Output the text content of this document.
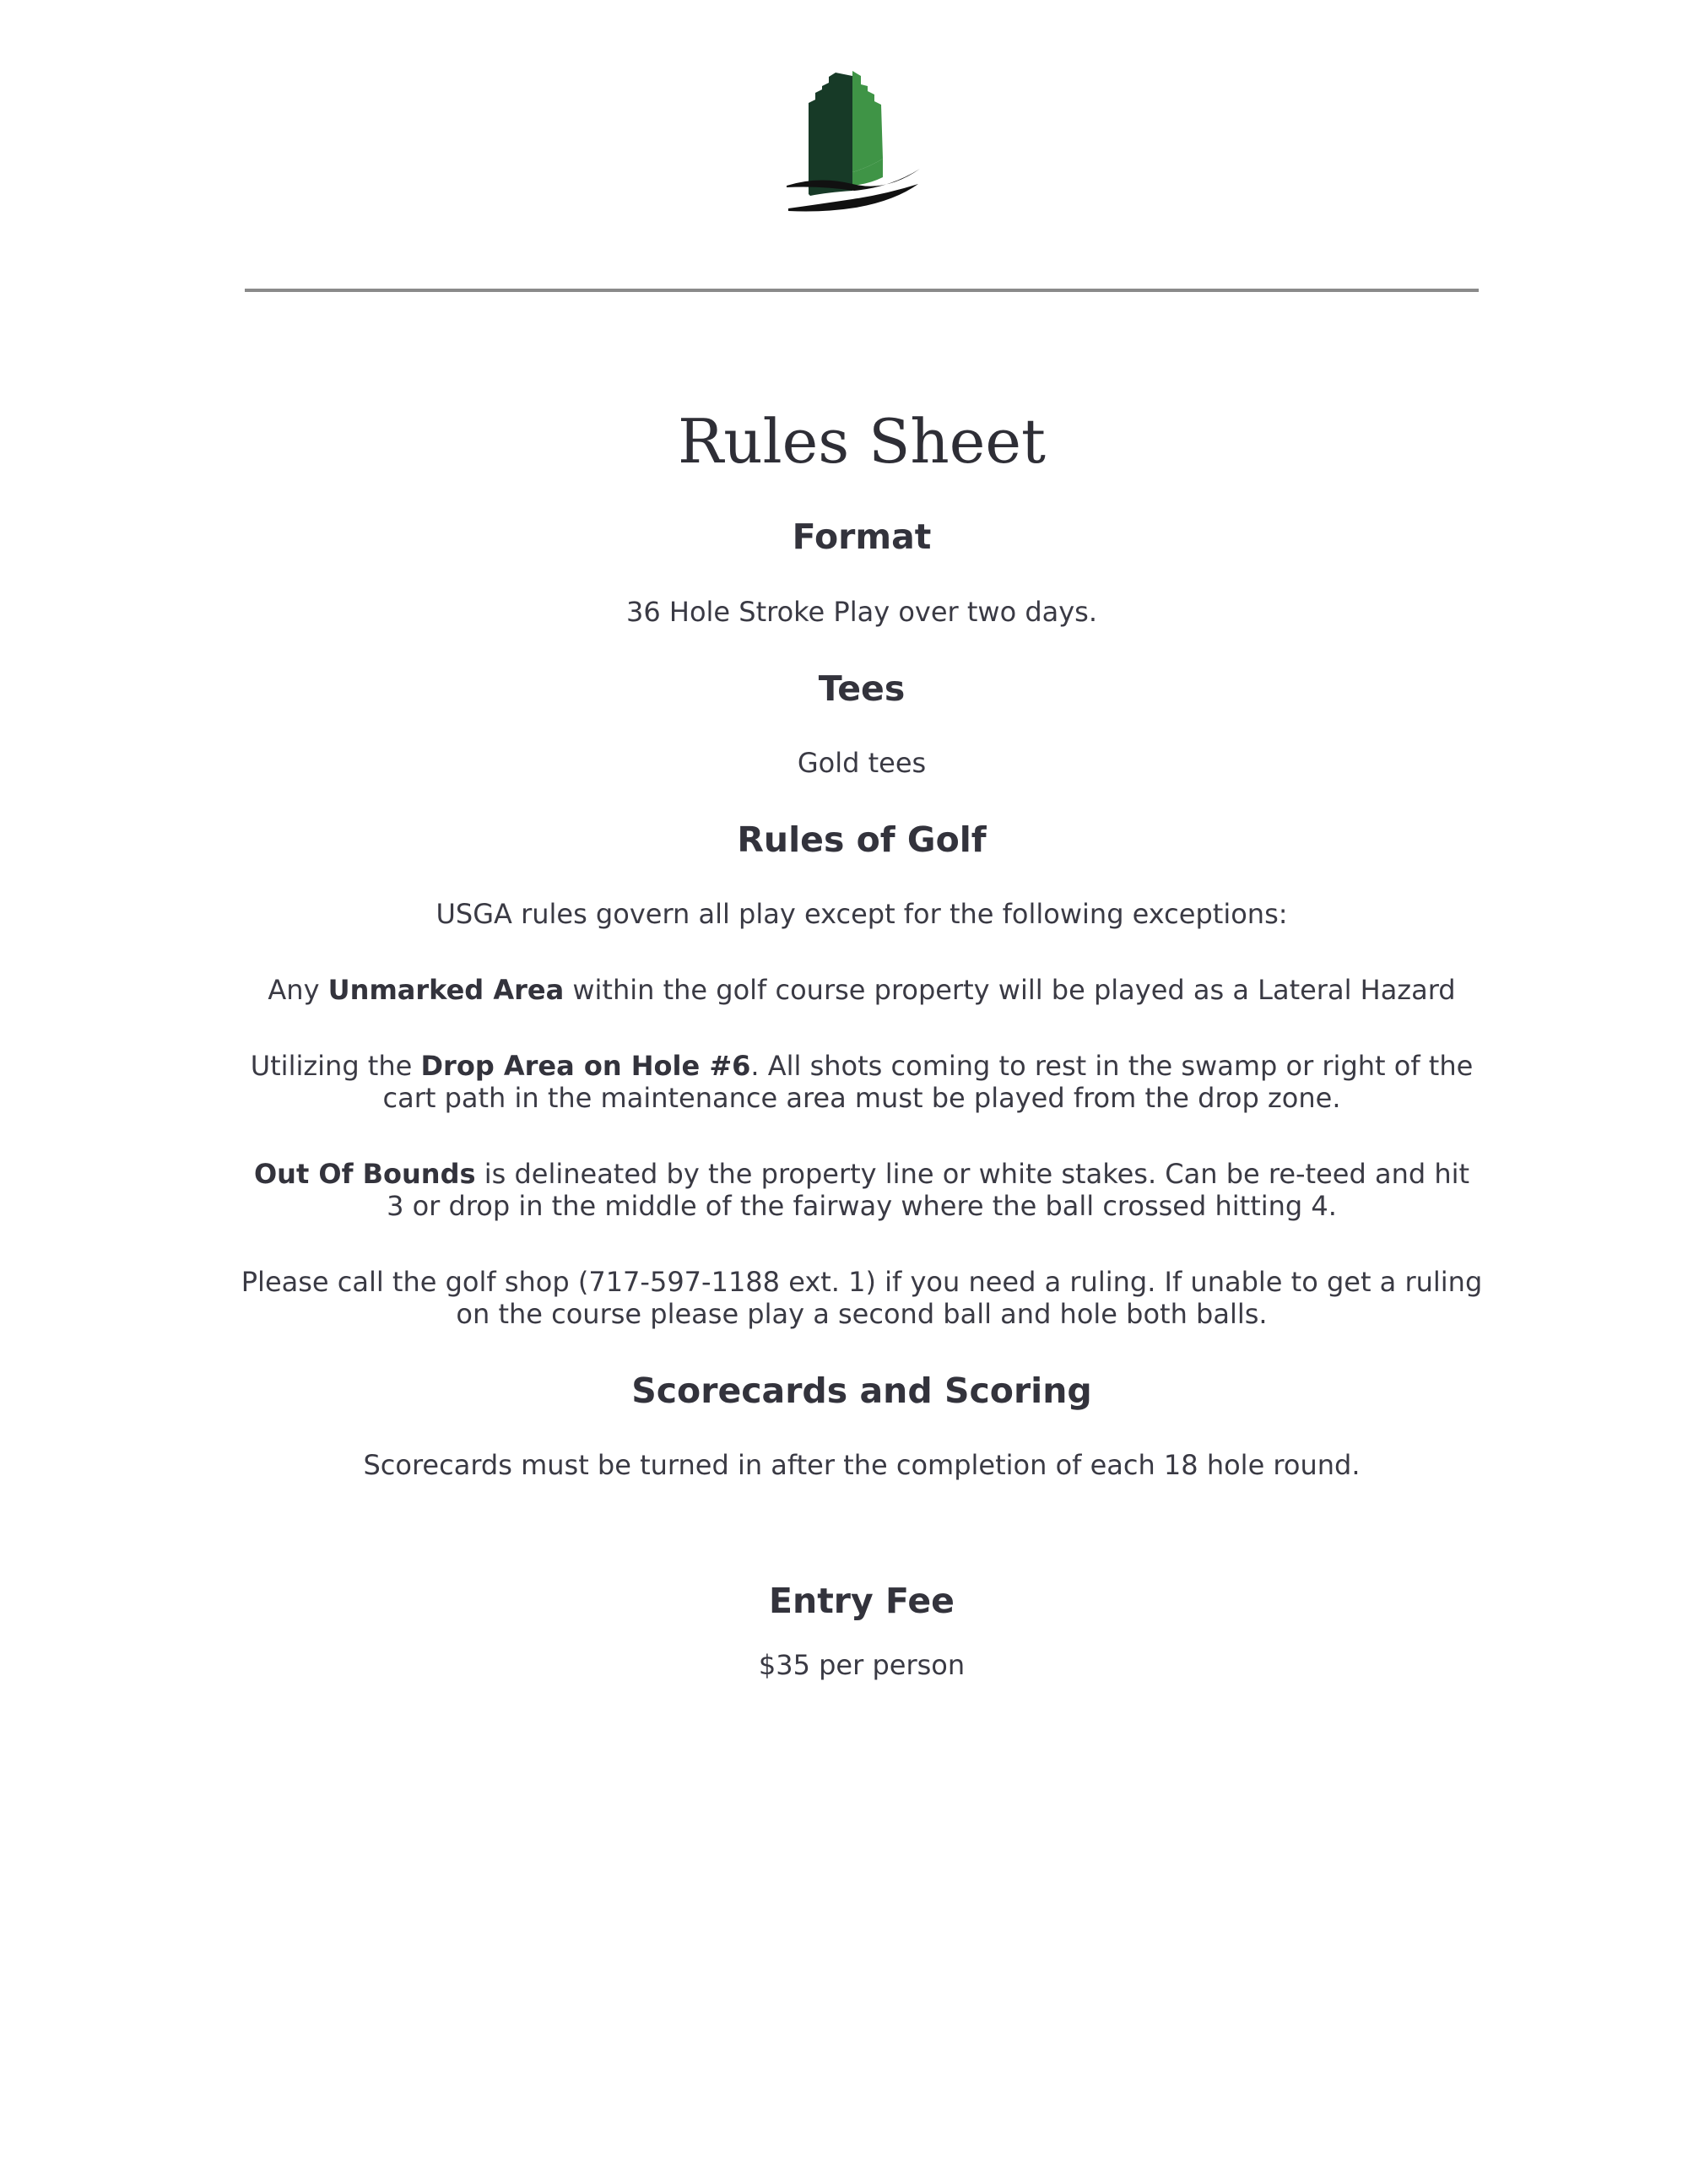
Rules Sheet
Format

36 Hole Stroke Play over two days.

Tees

Gold tees

Rules of Golf

USGA rules govern all play except for the following exceptions:

Any Unmarked Area within the golf course property will be played as a Lateral Hazard

Utilizing the Drop Area on Hole #6. All shots coming to rest in the swamp or right of the cart path in the maintenance area must be played from the drop zone.

Out Of Bounds is delineated by the property line or white stakes. Can be re-teed and hit 3 or drop in the middle of the fairway where the ball crossed hitting 4.

Please call the golf shop (717-597-1188 ext. 1) if you need a ruling. If unable to get a ruling on the course please play a second ball and hole both balls.

Scorecards and Scoring

Scorecards must be turned in after the completion of each 18 hole round.

Entry Fee

$35 per person
